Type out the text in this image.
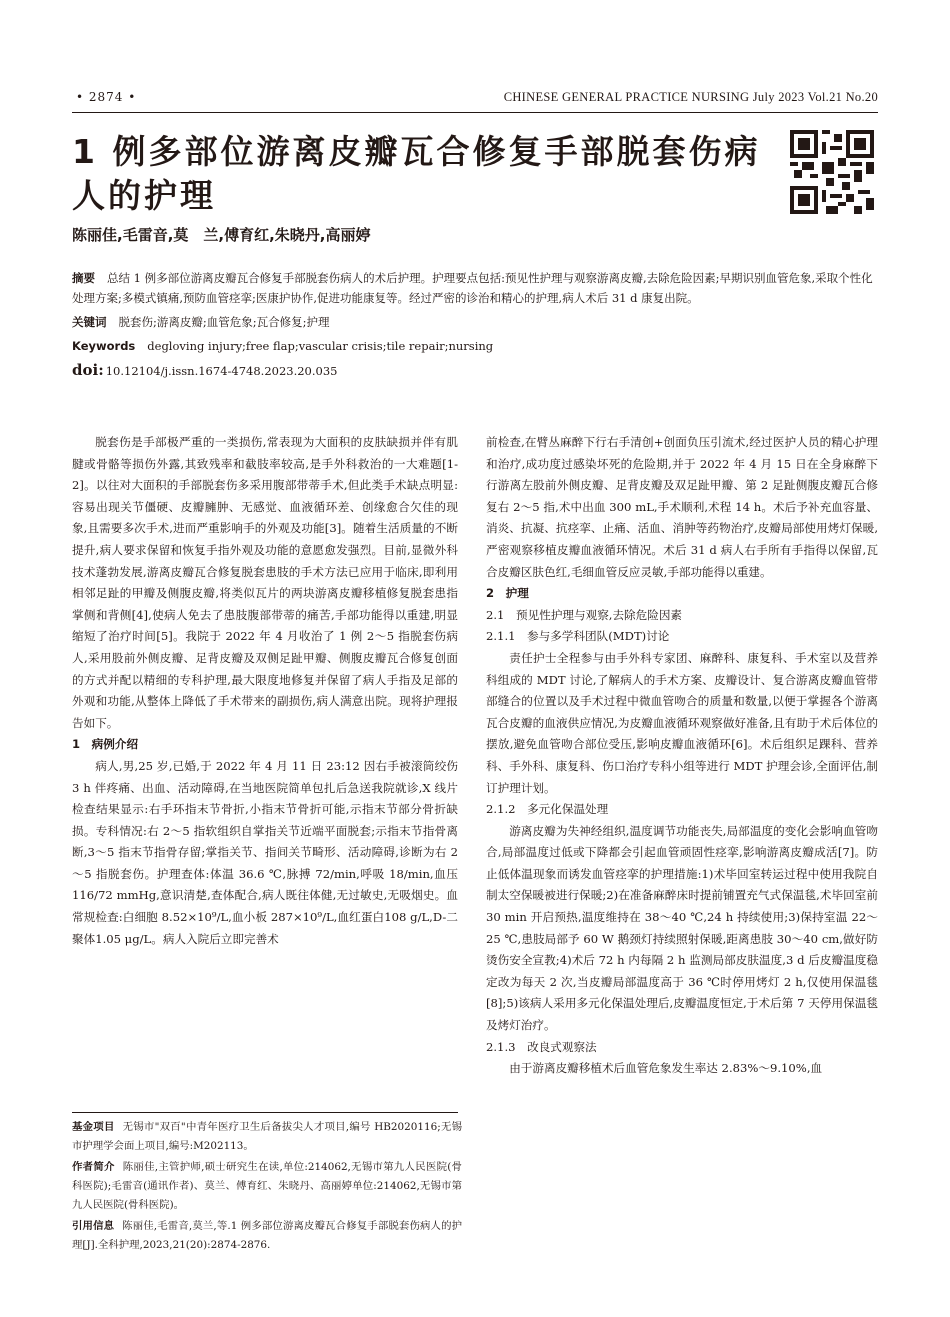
• 2874 •	CHINESE GENERAL PRACTICE NURSING July 2023 Vol.21 No.20
1 例多部位游离皮瓣瓦合修复手部脱套伤病人的护理
陈丽佳,毛雷音,莫　兰,傅育红,朱晓丹,高丽婷

摘要 总结 1 例多部位游离皮瓣瓦合修复手部脱套伤病人的术后护理。护理要点包括:预见性护理与观察游离皮瓣,去除危险因素;早期识别血管危象,采取个性化处理方案;多模式镇痛,预防血管痉挛;医康护协作,促进功能康复等。经过严密的诊治和精心的护理,病人术后 31 d 康复出院。

关键词 脱套伤;游离皮瓣;血管危象;瓦合修复;护理

Keywords degloving injury;free flap;vascular crisis;tile repair;nursing

doi: 10.12104/j.issn.1674-4748.2023.20.035

脱套伤是手部极严重的一类损伤,常表现为大面积的皮肤缺损并伴有肌腱或骨骼等损伤外露,其致残率和截肢率较高,是手外科救治的一大难题[1-2]。以往对大面积的手部脱套伤多采用腹部带蒂手术,但此类手术缺点明显:容易出现关节僵硬、皮瓣臃肿、无感觉、血液循环差、创缘愈合欠佳的现象,且需要多次手术,进而严重影响手的外观及功能[3]。随着生活质量的不断提升,病人要求保留和恢复手指外观及功能的意愿愈发强烈。目前,显微外科技术蓬勃发展,游离皮瓣瓦合修复脱套患肢的手术方法已应用于临床,即利用相邻足趾的甲瓣及侧腹皮瓣,将类似瓦片的两块游离皮瓣移植修复脱套患指掌侧和背侧[4],使病人免去了患肢腹部带蒂的痛苦,手部功能得以重建,明显缩短了治疗时间[5]。我院于 2022 年 4 月收治了 1 例 2～5 指脱套伤病人,采用股前外侧皮瓣、足背皮瓣及双侧足趾甲瓣、侧腹皮瓣瓦合修复创面的方式并配以精细的专科护理,最大限度地修复并保留了病人手指及足部的外观和功能,从整体上降低了手术带来的副损伤,病人满意出院。现将护理报告如下。

1　病例介绍

病人,男,25 岁,已婚,于 2022 年 4 月 11 日 23:12 因右手被滚筒绞伤 3 h 伴疼痛、出血、活动障碍,在当地医院简单包扎后急送我院就诊,X 线片检查结果显示:右手环指末节骨折,小指末节骨折可能,示指末节部分骨折缺损。专科情况:右 2～5 指软组织自掌指关节近端平面脱套;示指末节指骨离断,3～5 指末节指骨存留;掌指关节、指间关节畸形、活动障碍,诊断为右 2～5 指脱套伤。护理查体:体温 36.6 ℃,脉搏 72/min,呼吸 18/min,血压 116/72 mmHg,意识清楚,查体配合,病人既往体健,无过敏史,无吸烟史。血常规检查:白细胞 8.52×10⁹/L,血小板 287×10⁹/L,血红蛋白108 g/L,D-二聚体1.05 μg/L。病人入院后立即完善术

前检查,在臂丛麻醉下行右手清创+创面负压引流术,经过医护人员的精心护理和治疗,成功度过感染坏死的危险期,并于 2022 年 4 月 15 日在全身麻醉下行游离左股前外侧皮瓣、足背皮瓣及双足趾甲瓣、第 2 足趾侧腹皮瓣瓦合修复右 2～5 指,术中出血 300 mL,手术顺利,术程 14 h。术后予补充血容量、消炎、抗凝、抗痉挛、止痛、活血、消肿等药物治疗,皮瓣局部使用烤灯保暖,严密观察移植皮瓣血液循环情况。术后 31 d 病人右手所有手指得以保留,瓦合皮瓣区肤色红,毛细血管反应灵敏,手部功能得以重建。

2　护理

2.1　预见性护理与观察,去除危险因素

2.1.1　参与多学科团队(MDT)讨论

责任护士全程参与由手外科专家团、麻醉科、康复科、手术室以及营养科组成的 MDT 讨论,了解病人的手术方案、皮瓣设计、复合游离皮瓣血管带部缝合的位置以及手术过程中微血管吻合的质量和数量,以便于掌握各个游离瓦合皮瓣的血液供应情况,为皮瓣血液循环观察做好准备,且有助于术后体位的摆放,避免血管吻合部位受压,影响皮瓣血液循环[6]。术后组织足踝科、营养科、手外科、康复科、伤口治疗专科小组等进行 MDT 护理会诊,全面评估,制订护理计划。

2.1.2　多元化保温处理

游离皮瓣为失神经组织,温度调节功能丧失,局部温度的变化会影响血管吻合,局部温度过低或下降都会引起血管顽固性痉挛,影响游离皮瓣成活[7]。防止低体温现象而诱发血管痉挛的护理措施:1)术毕回室转运过程中使用我院自制太空保暖被进行保暖;2)在准备麻醉床时提前铺置充气式保温毯,术毕回室前 30 min 开启预热,温度维持在 38～40 ℃,24 h 持续使用;3)保持室温 22～25 ℃,患肢局部予 60 W 鹅颈灯持续照射保暖,距离患肢 30～40 cm,做好防烫伤安全宣教;4)术后 72 h 内每隔 2 h 监测局部皮肤温度,3 d 后皮瓣温度稳定改为每天 2 次,当皮瓣局部温度高于 36 ℃时停用烤灯 2 h,仅使用保温毯[8];5)该病人采用多元化保温处理后,皮瓣温度恒定,于术后第 7 天停用保温毯及烤灯治疗。

2.1.3　改良式观察法

由于游离皮瓣移植术后血管危象发生率达 2.83%～9.10%,血

基金项目 无锡市"双百"中青年医疗卫生后备拔尖人才项目,编号 HB2020116;无锡市护理学会面上项目,编号:M202113。

作者简介 陈丽佳,主管护师,硕士研究生在读,单位:214062,无锡市第九人民医院(骨科医院);毛雷音(通讯作者)、莫兰、傅育红、朱晓丹、高丽婷单位:214062,无锡市第九人民医院(骨科医院)。

引用信息 陈丽佳,毛雷音,莫兰,等.1 例多部位游离皮瓣瓦合修复手部脱套伤病人的护理[J].全科护理,2023,21(20):2874-2876.
